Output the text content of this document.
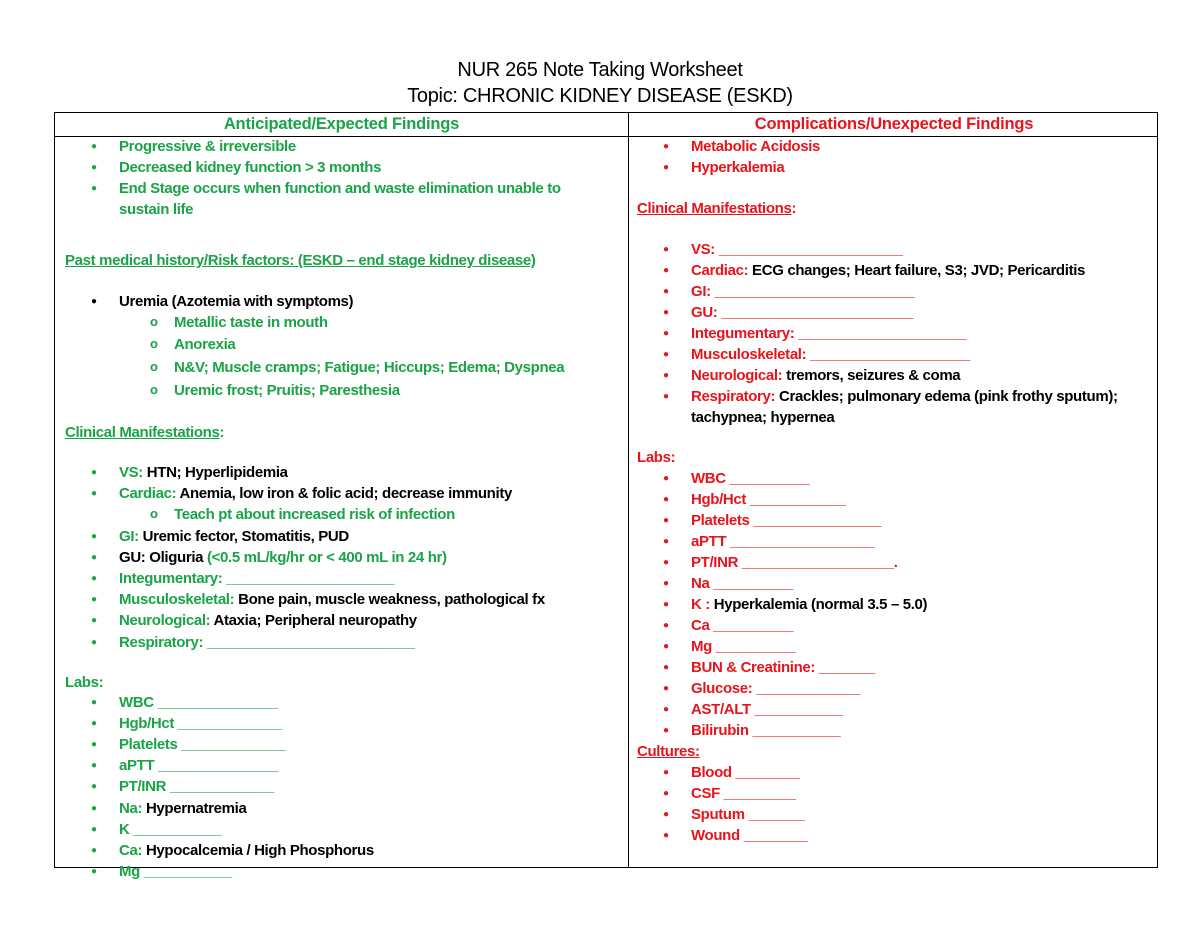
NUR 265 Note Taking Worksheet
Topic: CHRONIC KIDNEY DISEASE (ESKD)
Anticipated/Expected Findings	Complications/Unexpected Findings
● Progressive & irreversible
● Decreased kidney function > 3 months
● End Stage occurs when function and waste elimination unable to
sustain life
Past medical history/Risk factors: (ESKD – end stage kidney disease)
● Uremia (Azotemia with symptoms)
o Metallic taste in mouth
o Anorexia
o N&V; Muscle cramps; Fatigue; Hiccups; Edema; Dyspnea
o Uremic frost; Pruitis; Paresthesia
Clinical Manifestations:
● VS: HTN; Hyperlipidemia
● Cardiac: Anemia, low iron & folic acid; decrease immunity
o Teach pt about increased risk of infection
● GI: Uremic fector, Stomatitis, PUD
● GU: Oliguria (<0.5 mL/kg/hr or < 400 mL in 24 hr)
● Integumentary: _____________________
● Musculoskeletal: Bone pain, muscle weakness, pathological fx
● Neurological: Ataxia; Peripheral neuropathy
● Respiratory: __________________________
Labs:
● WBC _______________
● Hgb/Hct _____________
● Platelets _____________
● aPTT _______________
● PT/INR _____________
● Na: Hypernatremia
● K ___________
● Ca: Hypocalcemia / High Phosphorus
● Mg ___________
● Metabolic Acidosis
● Hyperkalemia
Clinical Manifestations:
● VS: _______________________
● Cardiac: ECG changes; Heart failure, S3; JVD; Pericarditis
● GI: _________________________
● GU: ________________________
● Integumentary: _____________________
● Musculoskeletal: ____________________
● Neurological: tremors, seizures & coma
● Respiratory: Crackles; pulmonary edema (pink frothy sputum);
tachypnea; hypernea
Labs:
● WBC __________
● Hgb/Hct ____________
● Platelets ________________
● aPTT __________________
● PT/INR ___________________.
● Na __________
● K : Hyperkalemia (normal 3.5 – 5.0)
● Ca __________
● Mg __________
● BUN & Creatinine: _______
● Glucose: _____________
● AST/ALT ___________
● Bilirubin ___________
Cultures:
● Blood ________
● CSF _________
● Sputum _______
● Wound ________
